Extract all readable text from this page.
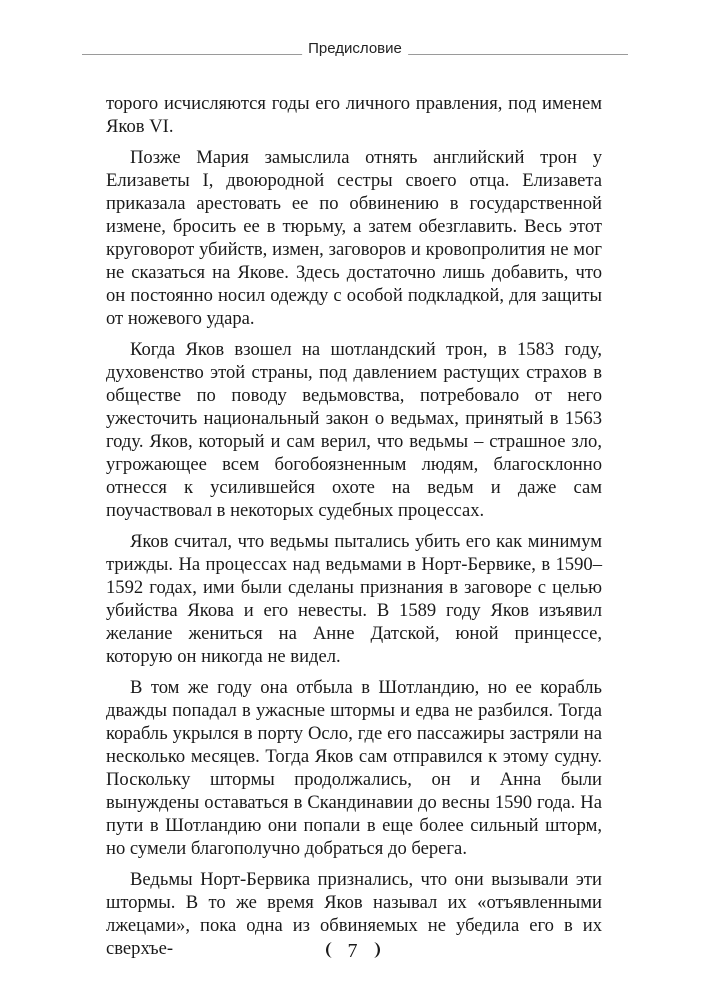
Предисловие

торого исчисляются годы его личного правления, под именем Яков VI.

Позже Мария замыслила отнять английский трон у Елизаветы I, двоюродной сестры своего отца. Елизавета приказала арестовать ее по обвинению в государственной измене, бросить ее в тюрьму, а затем обезглавить. Весь этот круговорот убийств, измен, заговоров и кровопролития не мог не сказаться на Якове. Здесь достаточно лишь добавить, что он постоянно носил одежду с особой подкладкой, для защиты от ножевого удара.

Когда Яков взошел на шотландский трон, в 1583 году, духовенство этой страны, под давлением растущих страхов в обществе по поводу ведьмовства, потребовало от него ужесточить национальный закон о ведьмах, принятый в 1563 году. Яков, который и сам верил, что ведьмы – страшное зло, угрожающее всем богобоязненным людям, благосклонно отнесся к усилившейся охоте на ведьм и даже сам поучаствовал в некоторых судебных процессах.

Яков считал, что ведьмы пытались убить его как минимум трижды. На процессах над ведьмами в Норт-Бервике, в 1590–1592 годах, ими были сделаны признания в заговоре с целью убийства Якова и его невесты. В 1589 году Яков изъявил желание жениться на Анне Датской, юной принцессе, которую он никогда не видел.

В том же году она отбыла в Шотландию, но ее корабль дважды попадал в ужасные штормы и едва не разбился. Тогда корабль укрылся в порту Осло, где его пассажиры застряли на несколько месяцев. Тогда Яков сам отправился к этому судну. Поскольку штормы продолжались, он и Анна были вынуждены оставаться в Скандинавии до весны 1590 года. На пути в Шотландию они попали в еще более сильный шторм, но сумели благополучно добраться до берега.

Ведьмы Норт-Бервика признались, что они вызывали эти штормы. В то же время Яков называл их «отъявленными лжецами», пока одна из обвиняемых не убедила его в их сверхъе-	7
